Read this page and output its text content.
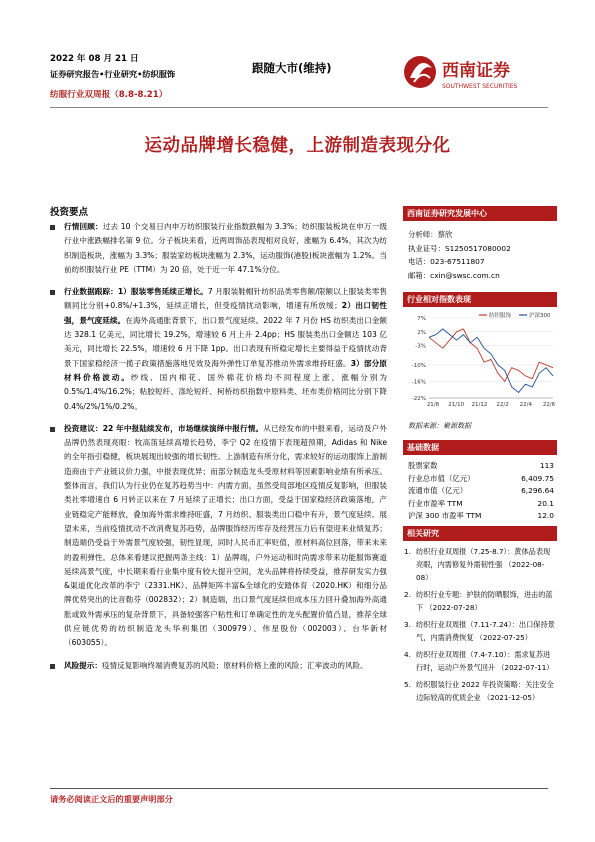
2022 年 08 月 21 日
证券研究报告•行业研究•纺织服饰
纺服行业双周报（8.8-8.21）
跟随大市(维持)	西南证券
SOUTHWEST SECURITIES
运动品牌增长稳健，上游制造表现分化
投资要点
行情回顾：过去 10 个交易日内申万纺织服装行业指数跌幅为 3.3%；纺织服装板块在申万一级行业中涨跌幅排名第 9 位。分子板块来看，近两周饰品表现相对良好，涨幅为 6.4%，其次为纺织制造板块，涨幅为 3.3%；服装家纺板块涨幅为 2.3%，运动服饰(港股)板块涨幅为 1.2%。当前纺织服装行业 PE（TTM）为 20 倍，处于近一年 47.1%分位。
行业数据跟踪：1）服装零售延续正增长。7 月服装鞋帽针纺织品类零售额/限额以上服装类零售额同比分别+0.8%/+1.3%，延续正增长，但受疫情扰动影响，增速有所放缓；2）出口韧性强，景气度延续。在海外高通胀背景下，出口景气度延续。2022 年 7 月份 HS 纺织类出口金额达 328.1 亿美元，同比增长 19.2%，增速较 6 月上升 2.4pp；HS 服装类出口金额达 103 亿美元，同比增长 22.5%，增速较 6 月下降 1pp。出口表现有所稳定增长主要得益于疫情扰动背景下国家稳经济一揽子政策措施落地见效及海外弹性订单复苏推动外需求维持旺盛。3）部分原材料价格波动。纱线、国内棉花、国外棉花价格均不同程度上涨，涨幅分别为 0.5%/1.4%/16.2%；粘胶短纤、涤纶短纤、柯桥纺织指数中原料类、坯布类价格同比分别下降 0.4%/2%/1%/0.2%。
投资建议：22 年中报陆续发布，市场继续演绎中报行情。从已经发布的中报来看，运动及户外品牌仍然表现亮眼：牧高笛延续高增长趋势，李宁 Q2 在疫情下表现超预期，Adidas 和 Nike 的全年指引稳健，板块展现出较强的增长韧性。上游制造有所分化，需求较好的运动服饰上游制造商由于产业链议价力强，中报表现优异；而部分制造龙头受原材料等因素影响业绩有所承压。整体而言，我们认为行业仍在复苏趋势当中：内需方面，虽然受局部地区疫情反复影响，但服装类社零增速自 6 月转正以来在 7 月延续了正增长；出口方面，受益于国家稳经济政策落地，产业链稳定产能释放，叠加海外需求维持旺盛，7 月纺织、服装类出口稳中有升，景气度延续。展望未来，当前疫情扰动不改消费复苏趋势，品牌服饰经历库存及经营压力后有望迎来业绩复苏；制造端仍受益于外需景气度较强，韧性显现，同时人民币汇率贬值，原材料高位回落，带来未来的盈利弹性。总体来看建议把握两条主线：1）品牌端，户外运动和时尚需求带来功能服饰赛道延续高景气度，中长期来看行业集中度有较大提升空间，龙头品牌将持续受益，推荐研发实力强&渠道优化改革的李宁（2331.HK）、品牌矩阵丰富&全球化的安踏体育（2020.HK）和细分品牌优势突出的比音勒芬（002832）；2）制造端，出口景气度延续但成本压力回升叠加海外高通胀或致外需承压的复杂背景下，具备较强客户粘性和订单确定性的龙头配置价值凸显，推荐全球供应链优势的纺织制造龙头华利集团（300979）、伟星股份（002003）、台华新材（603055）。
风险提示：疫情反复影响终端消费复苏的风险；原材料价格上涨的风险；汇率波动的风险。
西南证券研究发展中心
分析师：蔡欣
执业证号：S1250517080002
电话：023-67511807
邮箱：cxin@swsc.com.cn
行业相对指数表现
7%
2%
-3%
-10%
-16%
-22%
21/8 21/10 21/12 22/2 22/4 22/6
纺织服饰	沪深300
数据来源：聚源数据
基础数据
股票家数	113
行业总市值（亿元）	6,409.75
流通市值（亿元）	6,296.64
行业市盈率 TTM	20.1
沪深 300 市盈率 TTM	12.0
相关研究
1. 纺织行业双周报（7.25-8.7）：黄体品表现亮眼，内需修复外需韧性强 （2022-08-08）
2. 纺织行业专题：护肤的防晒服饰，进击的蓝下 （2022-07-28）
3. 纺织行业双周报（7.11-7.24）：出口保持景气，内需消费恢复 （2022-07-25）
4. 纺织行业双周报（7.4-7.10）：需求复苏进行时，运动户外景气回升 （2022-07-11）
5. 纺织服装行业 2022 年投资策略：关注安全边际较高的优质企业 （2021-12-05）
请务必阅读正文后的重要声明部分
